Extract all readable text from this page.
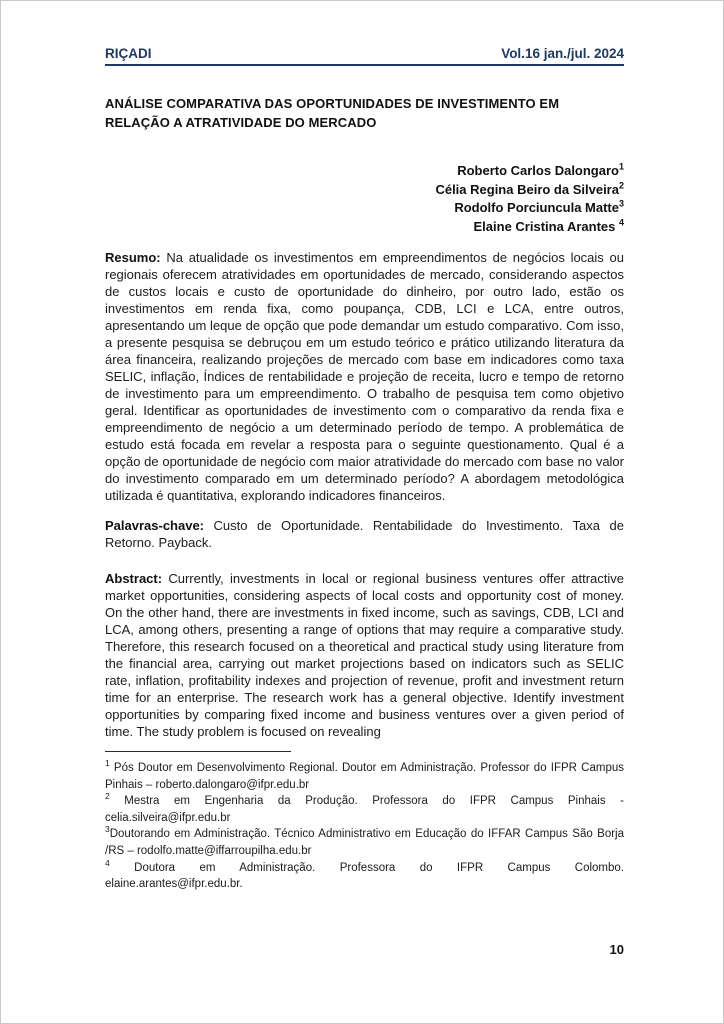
RIÇADI	Vol.16 jan./jul. 2024
ANÁLISE COMPARATIVA DAS OPORTUNIDADES DE INVESTIMENTO EM RELAÇÃO A ATRATIVIDADE DO MERCADO
Roberto Carlos Dalongaro$^1$
Célia Regina Beiro da Silveira$^2$
Rodolfo Porciuncula Matte$^3$
Elaine Cristina Arantes $^4$

Resumo: Na atualidade os investimentos em empreendimentos de negócios locais ou regionais oferecem atratividades em oportunidades de mercado, considerando aspectos de custos locais e custo de oportunidade do dinheiro, por outro lado, estão os investimentos em renda fixa, como poupança, CDB, LCI e LCA, entre outros, apresentando um leque de opção que pode demandar um estudo comparativo. Com isso, a presente pesquisa se debruçou em um estudo teórico e prático utilizando literatura da área financeira, realizando projeções de mercado com base em indicadores como taxa SELIC, inflação, Índices de rentabilidade e projeção de receita, lucro e tempo de retorno de investimento para um empreendimento. O trabalho de pesquisa tem como objetivo geral. Identificar as oportunidades de investimento com o comparativo da renda fixa e empreendimento de negócio a um determinado período de tempo. A problemática de estudo está focada em revelar a resposta para o seguinte questionamento. Qual é a opção de oportunidade de negócio com maior atratividade do mercado com base no valor do investimento comparado em um determinado período? A abordagem metodológica utilizada é quantitativa, explorando indicadores financeiros.

Palavras-chave: Custo de Oportunidade. Rentabilidade do Investimento. Taxa de Retorno. Payback.

Abstract: Currently, investments in local or regional business ventures offer attractive market opportunities, considering aspects of local costs and opportunity cost of money. On the other hand, there are investments in fixed income, such as savings, CDB, LCI and LCA, among others, presenting a range of options that may require a comparative study. Therefore, this research focused on a theoretical and practical study using literature from the financial area, carrying out market projections based on indicators such as SELIC rate, inflation, profitability indexes and projection of revenue, profit and investment return time for an enterprise. The research work has a general objective. Identify investment opportunities by comparing fixed income and business ventures over a given period of time. The study problem is focused on revealing

$^1$ Pós Doutor em Desenvolvimento Regional. Doutor em Administração. Professor do IFPR Campus Pinhais – roberto.dalongaro@ifpr.edu.br

$^2$ Mestra em Engenharia da Produção. Professora do IFPR Campus Pinhais -
celia.silveira@ifpr.edu.br

$^3$Doutorando em Administração. Técnico Administrativo em Educação do IFFAR Campus São Borja /RS – rodolfo.matte@iffarroupilha.edu.br

$^4$ Doutora em Administração. Professora do IFPR Campus Colombo.
elaine.arantes@ifpr.edu.br.

10
